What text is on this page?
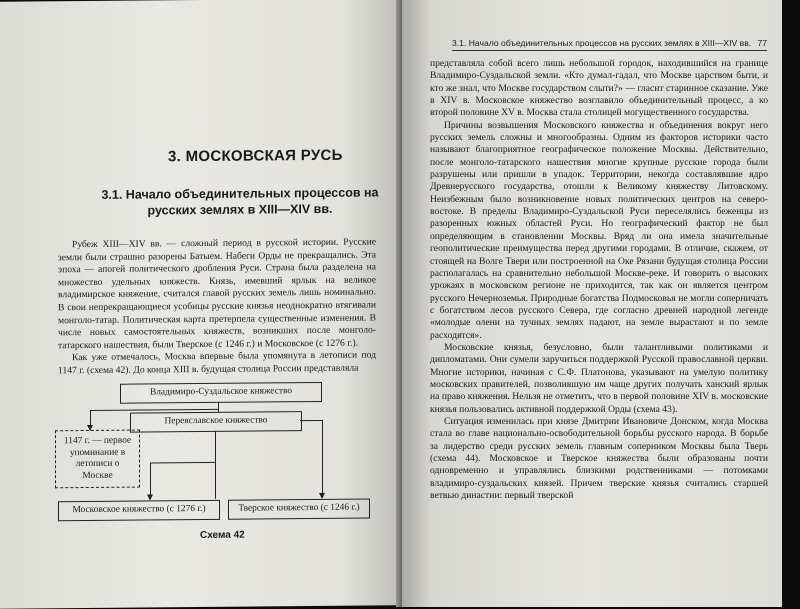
3. МОСКОВСКАЯ РУСЬ
3.1. Начало объединительных процессов на русских землях в XIII—XIV вв.

Рубеж XIII—XIV вв. — сложный период в русской истории. Русские земли были страшно разорены Батыем. Набеги Орды не прекращались. Эта эпоха — апогей политического дробления Руси. Страна была разделена на множество удельных княжеств. Князь, имевший ярлык на великое владимирское княжение, считался главой русских земель лишь номинально. В свои непрекращающиеся усобицы русские князья неоднократно втягивали монголо-татар. Политическая карта претерпела существенные изменения. В числе новых самостоятельных княжеств, возникших после монголо-татарского нашествия, были Тверское (с 1246 г.) и Московское (с 1276 г.).

Как уже отмечалось, Москва впервые была упомянута в летописи под 1147 г. (схема 42). До конца XIII в. будущая столица России представляла

Владимиро-Суздальское княжество
Переяславское княжество
1147 г. — первое упоминание в летописи о Москве
Московское княжество (с 1276 г.)	Тверское княжество (с 1246 г.)
Схема 42
3.1. Начало объединительных процессов на русских землях в XIII—XIV вв. 77

представляла собой всего лишь небольшой городок, находившийся на границе Владимиро-Суздальской земли. «Кто думал-гадал, что Москве царством быти, и кто же знал, что Москве государством слыти?» — гласит старинное сказание. Уже в XIV в. Московское княжество возглавило объединительный процесс, а ко второй половине XV в. Москва стала столицей могущественного государства.

Причины возвышения Московского княжества и объединения вокруг него русских земель сложны и многообразны. Одним из факторов историки часто называют благоприятное географическое положение Москвы. Действительно, после монголо-татарского нашествия многие крупные русские города были разрушены или пришли в упадок. Территории, некогда составлявшие ядро Древнерусского государства, отошли к Великому княжеству Литовскому. Неизбежным было возникновение новых политических центров на северо-востоке. В пределы Владимиро-Суздальской Руси переселялись беженцы из разоренных южных областей Руси. Но географический фактор не был определяющим в становлении Москвы. Вряд ли она имела значительные геополитические преимущества перед другими городами. В отличие, скажем, от стоящей на Волге Твери или построенной на Оке Рязани будущая столица России располагалась на сравнительно небольшой Москве-реке. И говорить о высоких урожаях в московском регионе не приходится, так как он является центром русского Нечерноземья. Природные богатства Подмосковья не могли соперничать с богатством лесов русского Севера, где согласно древней народной легенде «молодые олени на тучных землях падают, на земле вырастают и по земле расходятся».

Московские князья, безусловно, были талантливыми политиками и дипломатами. Они сумели заручиться поддержкой Русской православной церкви. Многие историки, начиная с С.Ф. Платонова, указывают на умелую политику московских правителей, позволившую им чаще других получать ханский ярлык на право княжения. Нельзя не отметить, что в первой половине XIV в. московские князья пользовались активной поддержкой Орды (схема 43).

Ситуация изменилась при князе Дмитрии Ивановиче Донском, когда Москва стала во главе национально-освободительной борьбы русского народа. В борьбе за лидерство среди русских земель главным соперником Москвы была Тверь (схема 44). Московское и Тверское княжества были образованы почти одновременно и управлялись близкими родственниками — потомками владимиро-суздальских князей. Причем тверские князья считались старшей ветвью династии: первый тверской
